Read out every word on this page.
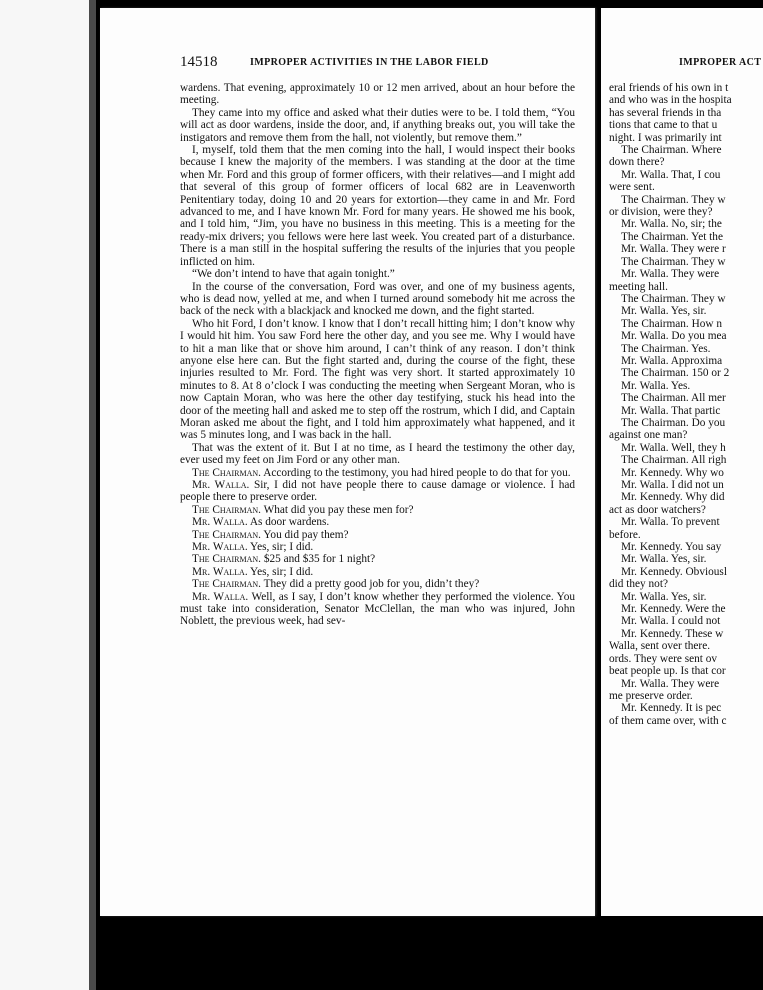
14518	IMPROPER ACTIVITIES IN THE LABOR FIELD

wardens. That evening, approximately 10 or 12 men arrived, about an hour before the meeting.

They came into my office and asked what their duties were to be. I told them, “You will act as door wardens, inside the door, and, if anything breaks out, you will take the instigators and remove them from the hall, not violently, but remove them.”

I, myself, told them that the men coming into the hall, I would inspect their books because I knew the majority of the members. I was standing at the door at the time when Mr. Ford and this group of former officers, with their relatives—and I might add that several of this group of former officers of local 682 are in Leavenworth Penitentiary today, doing 10 and 20 years for extortion—they came in and Mr. Ford advanced to me, and I have known Mr. Ford for many years. He showed me his book, and I told him, “Jim, you have no business in this meeting. This is a meeting for the ready-mix drivers; you fellows were here last week. You created part of a disturbance. There is a man still in the hospital suffering the results of the injuries that you people inflicted on him.

“We don’t intend to have that again tonight.”

In the course of the conversation, Ford was over, and one of my business agents, who is dead now, yelled at me, and when I turned around somebody hit me across the back of the neck with a blackjack and knocked me down, and the fight started.

Who hit Ford, I don’t know. I know that I don’t recall hitting him; I don’t know why I would hit him. You saw Ford here the other day, and you see me. Why I would have to hit a man like that or shove him around, I can’t think of any reason. I don’t think anyone else here can. But the fight started and, during the course of the fight, these injuries resulted to Mr. Ford. The fight was very short. It started approximately 10 minutes to 8. At 8 o’clock I was conducting the meeting when Sergeant Moran, who is now Captain Moran, who was here the other day testifying, stuck his head into the door of the meeting hall and asked me to step off the rostrum, which I did, and Captain Moran asked me about the fight, and I told him approximately what happened, and it was 5 minutes long, and I was back in the hall.

That was the extent of it. But I at no time, as I heard the testimony the other day, ever used my feet on Jim Ford or any other man.

The Chairman. According to the testimony, you had hired people to do that for you.

Mr. Walla. Sir, I did not have people there to cause damage or violence. I had people there to preserve order.

The Chairman. What did you pay these men for?

Mr. Walla. As door wardens.

The Chairman. You did pay them?

Mr. Walla. Yes, sir; I did.

The Chairman. $25 and $35 for 1 night?

Mr. Walla. Yes, sir; I did.

The Chairman. They did a pretty good job for you, didn’t they?

Mr. Walla. Well, as I say, I don’t know whether they performed the violence. You must take into consideration, Senator McClellan, the man who was injured, John Noblett, the previous week, had sev-

IMPROPER ACT
eral friends of his own in t
and who was in the hospita
has several friends in tha
tions that came to that u
night. I was primarily int
The Chairman. Where
down there?
Mr. Walla. That, I cou
were sent.
The Chairman. They w
or division, were they?
Mr. Walla. No, sir; the
The Chairman. Yet the
Mr. Walla. They were r
The Chairman. They w
Mr. Walla. They were
meeting hall.
The Chairman. They w
Mr. Walla. Yes, sir.
The Chairman. How n
Mr. Walla. Do you mea
The Chairman. Yes.
Mr. Walla. Approxima
The Chairman. 150 or 2
Mr. Walla. Yes.
The Chairman. All mer
Mr. Walla. That partic
The Chairman. Do you
against one man?
Mr. Walla. Well, they h
The Chairman. All righ
Mr. Kennedy. Why wo
Mr. Walla. I did not un
Mr. Kennedy. Why did
act as door watchers?
Mr. Walla. To prevent
before.
Mr. Kennedy. You say
Mr. Walla. Yes, sir.
Mr. Kennedy. Obviousl
did they not?
Mr. Walla. Yes, sir.
Mr. Kennedy. Were the
Mr. Walla. I could not
Mr. Kennedy. These w
Walla, sent over there.
ords. They were sent ov
beat people up. Is that cor
Mr. Walla. They were
me preserve order.
Mr. Kennedy. It is pec
of them came over, with c
